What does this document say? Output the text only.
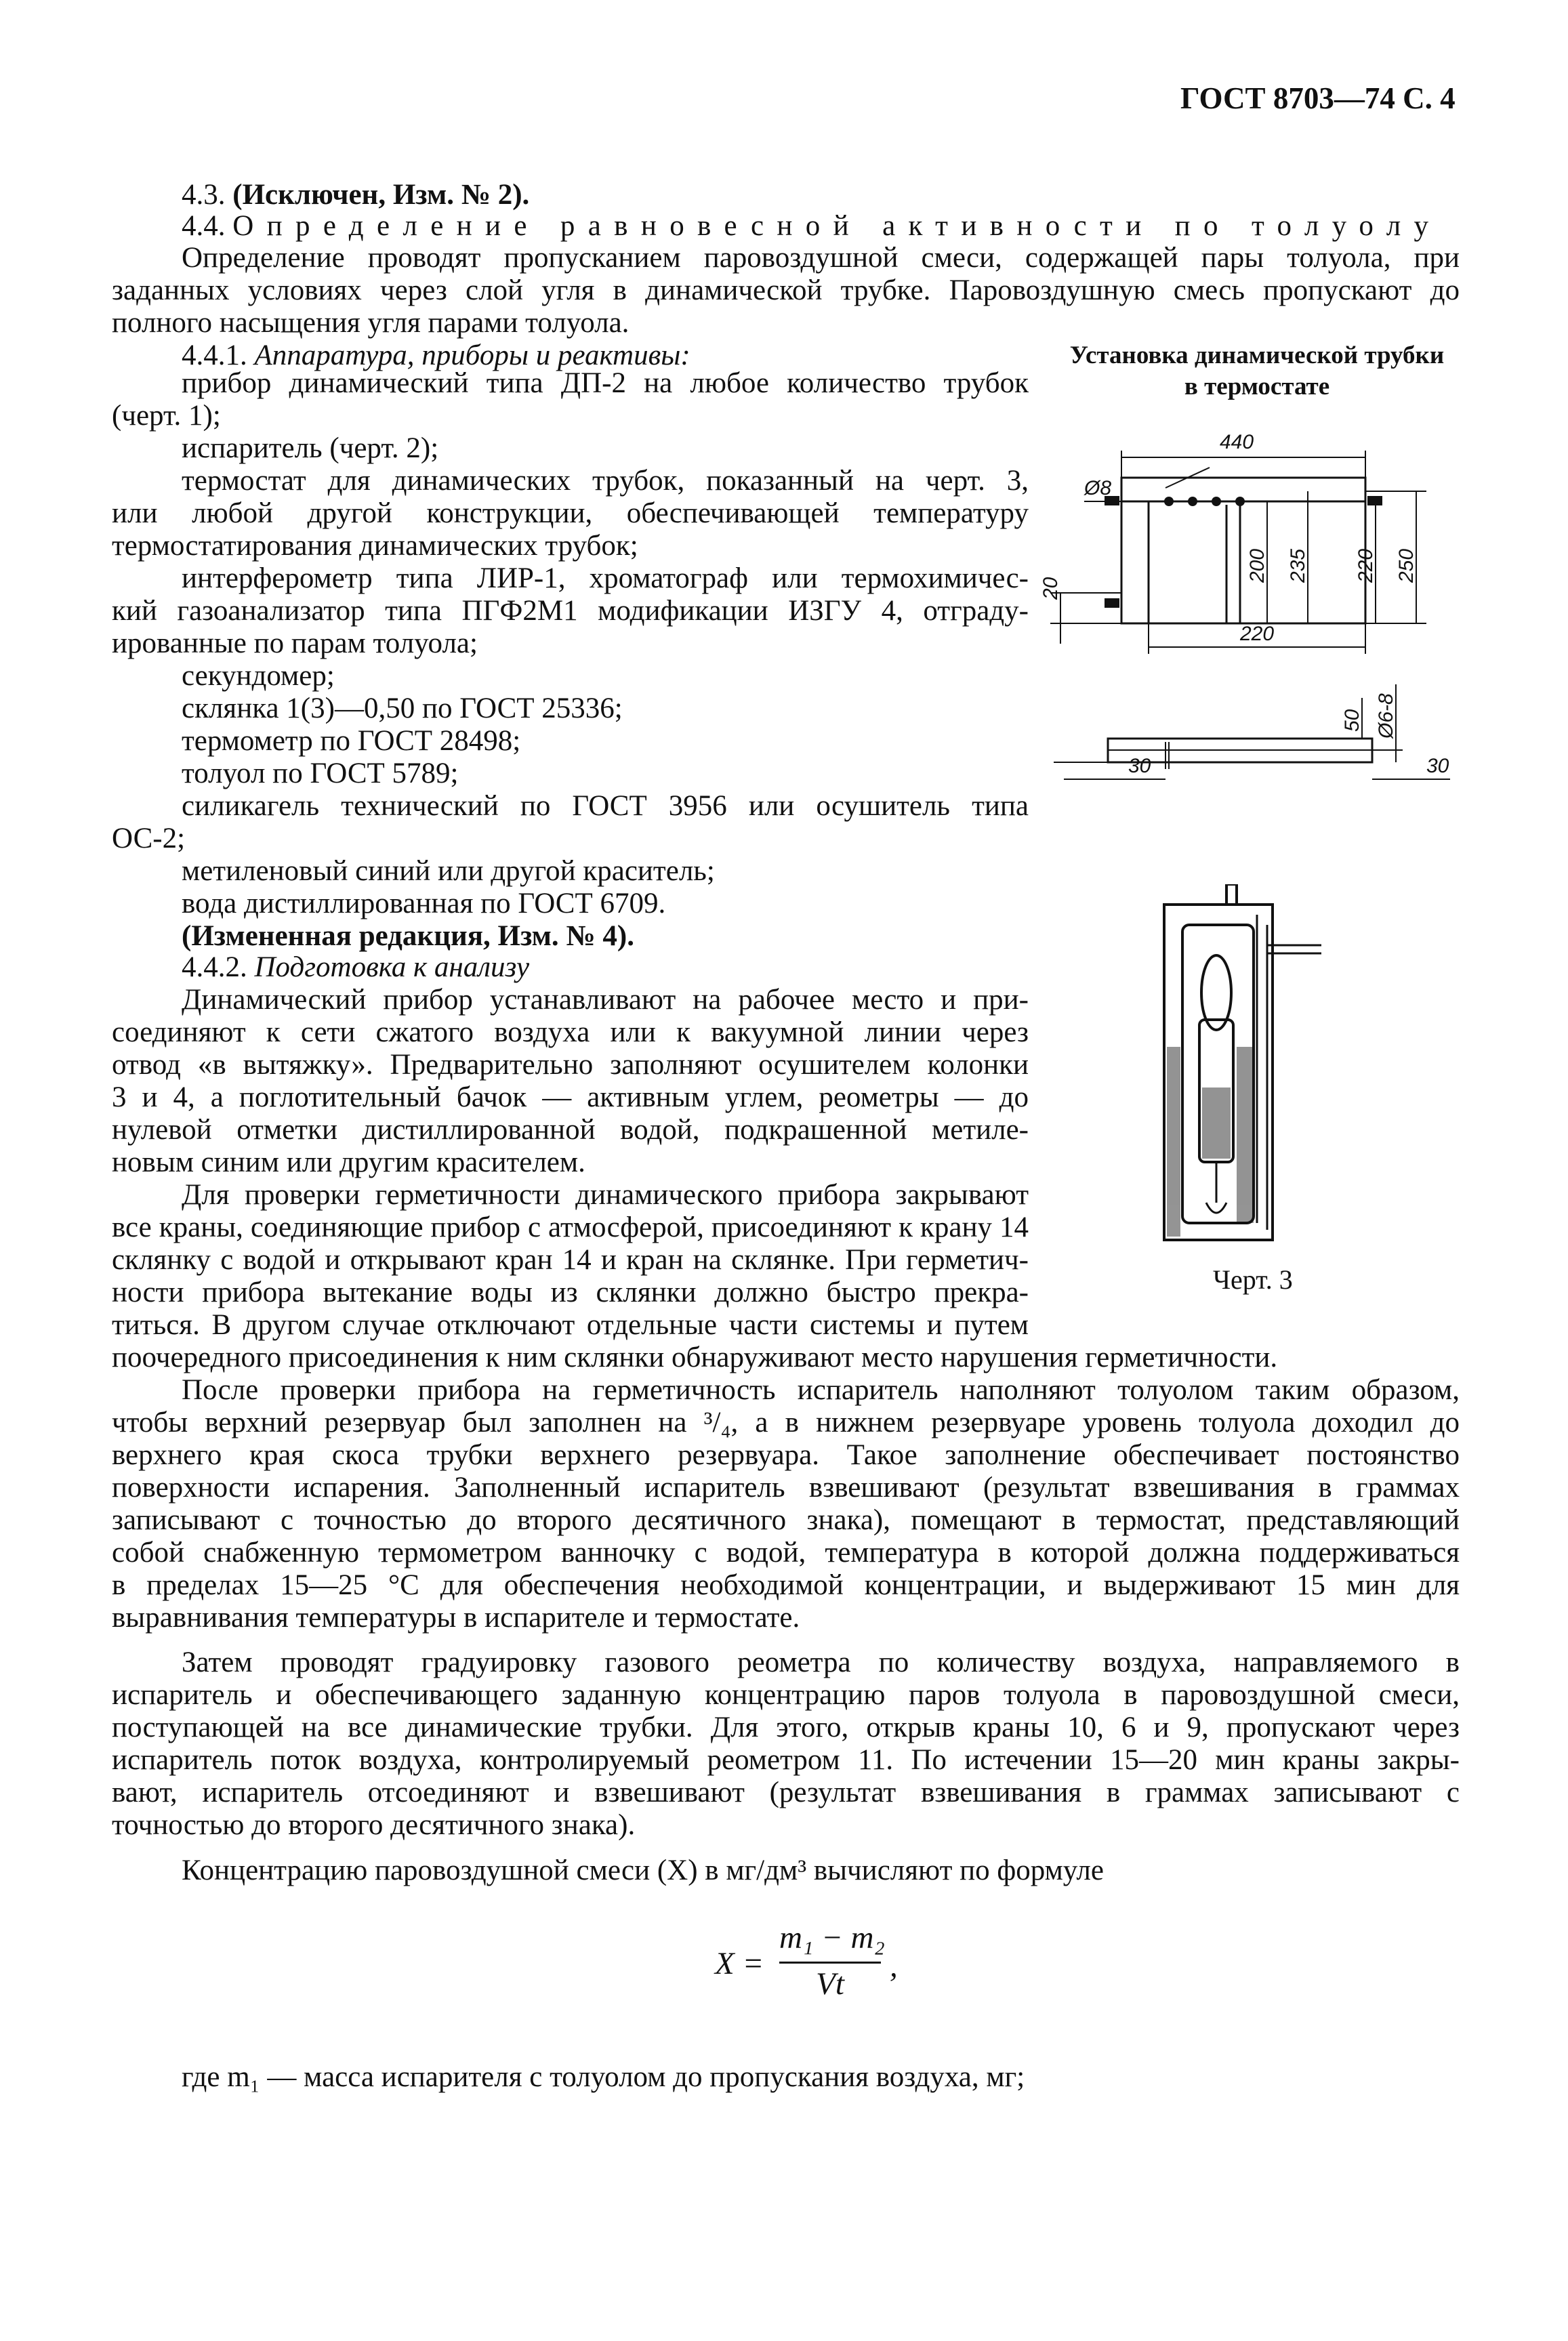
ГОСТ 8703—74 С. 4
4.3. (Исключен, Изм. № 2).
4.4. Определение равновесной активности по толуолу
Определение проводят пропусканием паровоздушной смеси, содержащей пары толуола, при
заданных условиях через слой угля в динамической трубке. Паровоздушную смесь пропускают до
полного насыщения угля парами толуола.
4.4.1. Аппаратура, приборы и реактивы:
прибор динамический типа ДП-2 на любое количество трубок
(черт. 1);
испаритель (черт. 2);
термостат для динамических трубок, показанный на черт. 3,
или любой другой конструкции, обеспечивающей температуру
термостатирования динамических трубок;
интерферометр типа ЛИР-1, хроматограф или термохимичес-
кий газоанализатор типа ПГФ2М1 модификации ИЗГУ 4, отграду-
ированные по парам толуола;
секундомер;
склянка 1(3)—0,50 по ГОСТ 25336;
термометр по ГОСТ 28498;
толуол по ГОСТ 5789;
силикагель технический по ГОСТ 3956 или осушитель типа
ОС-2;
метиленовый синий или другой краситель;
вода дистиллированная по ГОСТ 6709.
(Измененная редакция, Изм. № 4).
4.4.2. Подготовка к анализу
Динамический прибор устанавливают на рабочее место и при-
соединяют к сети сжатого воздуха или к вакуумной линии через
отвод «в вытяжку». Предварительно заполняют осушителем колонки
3 и 4, а поглотительный бачок — активным углем, реометры — до
нулевой отметки дистиллированной водой, подкрашенной метиле-
новым синим или другим красителем.
Для проверки герметичности динамического прибора закрывают
все краны, соединяющие прибор с атмосферой, присоединяют к крану 14
склянку с водой и открывают кран 14 и кран на склянке. При герметич-
ности прибора вытекание воды из склянки должно быстро прекра-
титься. В другом случае отключают отдельные части системы и путем
поочередного присоединения к ним склянки обнаруживают место нарушения герметичности.
После проверки прибора на герметичность испаритель наполняют толуолом таким образом,
чтобы верхний резервуар был заполнен на ³/₄, а в нижнем резервуаре уровень толуола доходил до
верхнего края скоса трубки верхнего резервуара. Такое заполнение обеспечивает постоянство
поверхности испарения. Заполненный испаритель взвешивают (результат взвешивания в граммах
записывают с точностью до второго десятичного знака), помещают в термостат, представляющий
собой снабженную термометром ванночку с водой, температура в которой должна поддерживаться
в пределах 15—25 °С для обеспечения необходимой концентрации, и выдерживают 15 мин для
выравнивания температуры в испарителе и термостате.
Затем проводят градуировку газового реометра по количеству воздуха, направляемого в
испаритель и обеспечивающего заданную концентрацию паров толуола в паровоздушной смеси,
поступающей на все динамические трубки. Для этого, открыв краны 10, 6 и 9, пропускают через
испаритель поток воздуха, контролируемый реометром 11. По истечении 15—20 мин краны закры-
вают, испаритель отсоединяют и взвешивают (результат взвешивания в граммах записывают с
точностью до второго десятичного знака).
Концентрацию паровоздушной смеси (X) в мг/дм³ вычисляют по формуле
X =
m₁ − m₂
Vt	,
где m₁ — масса испарителя с толуолом до пропускания воздуха, мг;
Установка динамической трубки
в термостате
440
Ø8
20
200 235 220 250
220
50 Ø6-8
30	30
Черт. 3
